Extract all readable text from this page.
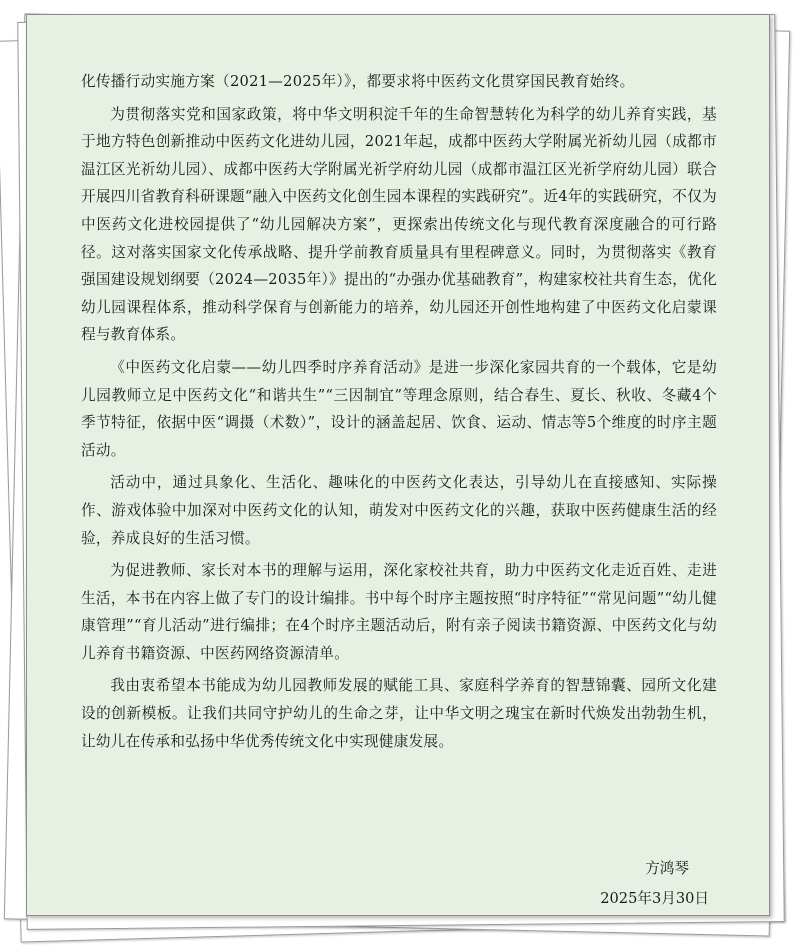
化传播行动实施方案（2021—2025年）》，都要求将中医药文化贯穿国民教育始终。

为贯彻落实党和国家政策，将中华文明积淀千年的生命智慧转化为科学的幼儿养育实践，基于地方特色创新推动中医药文化进幼儿园，2021年起，成都中医药大学附属光祈幼儿园（成都市温江区光祈幼儿园）、成都中医药大学附属光祈学府幼儿园（成都市温江区光祈学府幼儿园）联合开展四川省教育科研课题“融入中医药文化创生园本课程的实践研究”。近4年的实践研究，不仅为中医药文化进校园提供了“幼儿园解决方案”，更探索出传统文化与现代教育深度融合的可行路径。这对落实国家文化传承战略、提升学前教育质量具有里程碑意义。同时，为贯彻落实《教育强国建设规划纲要（2024—2035年）》提出的“办强办优基础教育”，构建家校社共育生态，优化幼儿园课程体系，推动科学保育与创新能力的培养，幼儿园还开创性地构建了中医药文化启蒙课程与教育体系。

《中医药文化启蒙——幼儿四季时序养育活动》是进一步深化家园共育的一个载体，它是幼儿园教师立足中医药文化“和谐共生”“三因制宜”等理念原则，结合春生、夏长、秋收、冬藏4个季节特征，依据中医“调摄（术数）”，设计的涵盖起居、饮食、运动、情志等5个维度的时序主题活动。

活动中，通过具象化、生活化、趣味化的中医药文化表达，引导幼儿在直接感知、实际操作、游戏体验中加深对中医药文化的认知，萌发对中医药文化的兴趣，获取中医药健康生活的经验，养成良好的生活习惯。

为促进教师、家长对本书的理解与运用，深化家校社共育，助力中医药文化走近百姓、走进生活，本书在内容上做了专门的设计编排。书中每个时序主题按照“时序特征”“常见问题”“幼儿健康管理”“育儿活动”进行编排；在4个时序主题活动后，附有亲子阅读书籍资源、中医药文化与幼儿养育书籍资源、中医药网络资源清单。

我由衷希望本书能成为幼儿园教师发展的赋能工具、家庭科学养育的智慧锦囊、园所文化建设的创新模板。让我们共同守护幼儿的生命之芽，让中华文明之瑰宝在新时代焕发出勃勃生机，让幼儿在传承和弘扬中华优秀传统文化中实现健康发展。

方鸿琴

2025年3月30日
